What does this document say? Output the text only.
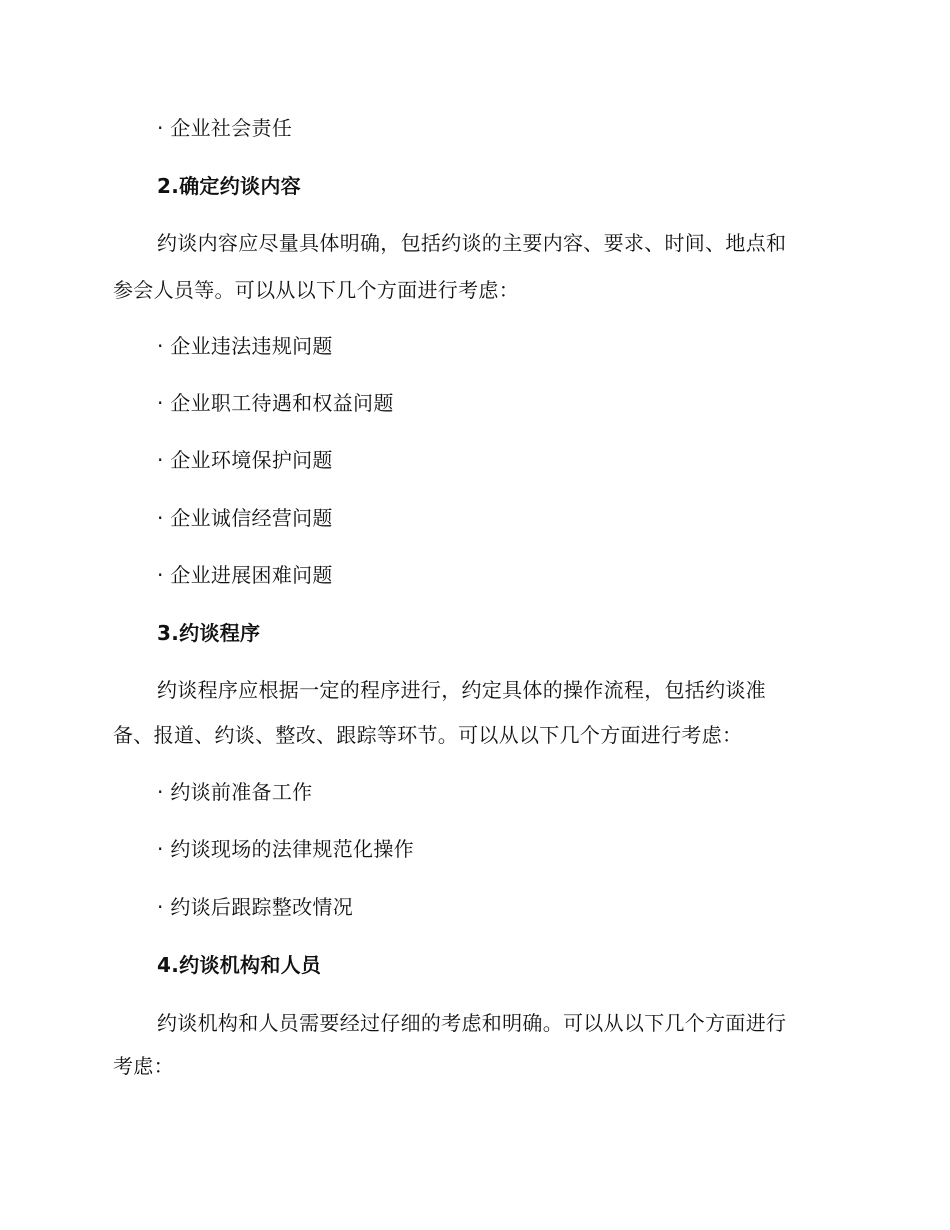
· 企业社会责任
2.确定约谈内容
约谈内容应尽量具体明确，包括约谈的主要内容、要求、时间、地点和
参会人员等。可以从以下几个方面进行考虑：
· 企业违法违规问题
· 企业职工待遇和权益问题
· 企业环境保护问题
· 企业诚信经营问题
· 企业进展困难问题
3.约谈程序
约谈程序应根据一定的程序进行，约定具体的操作流程，包括约谈准
备、报道、约谈、整改、跟踪等环节。可以从以下几个方面进行考虑：
· 约谈前准备工作
· 约谈现场的法律规范化操作
· 约谈后跟踪整改情况
4.约谈机构和人员
约谈机构和人员需要经过仔细的考虑和明确。可以从以下几个方面进行
考虑：
